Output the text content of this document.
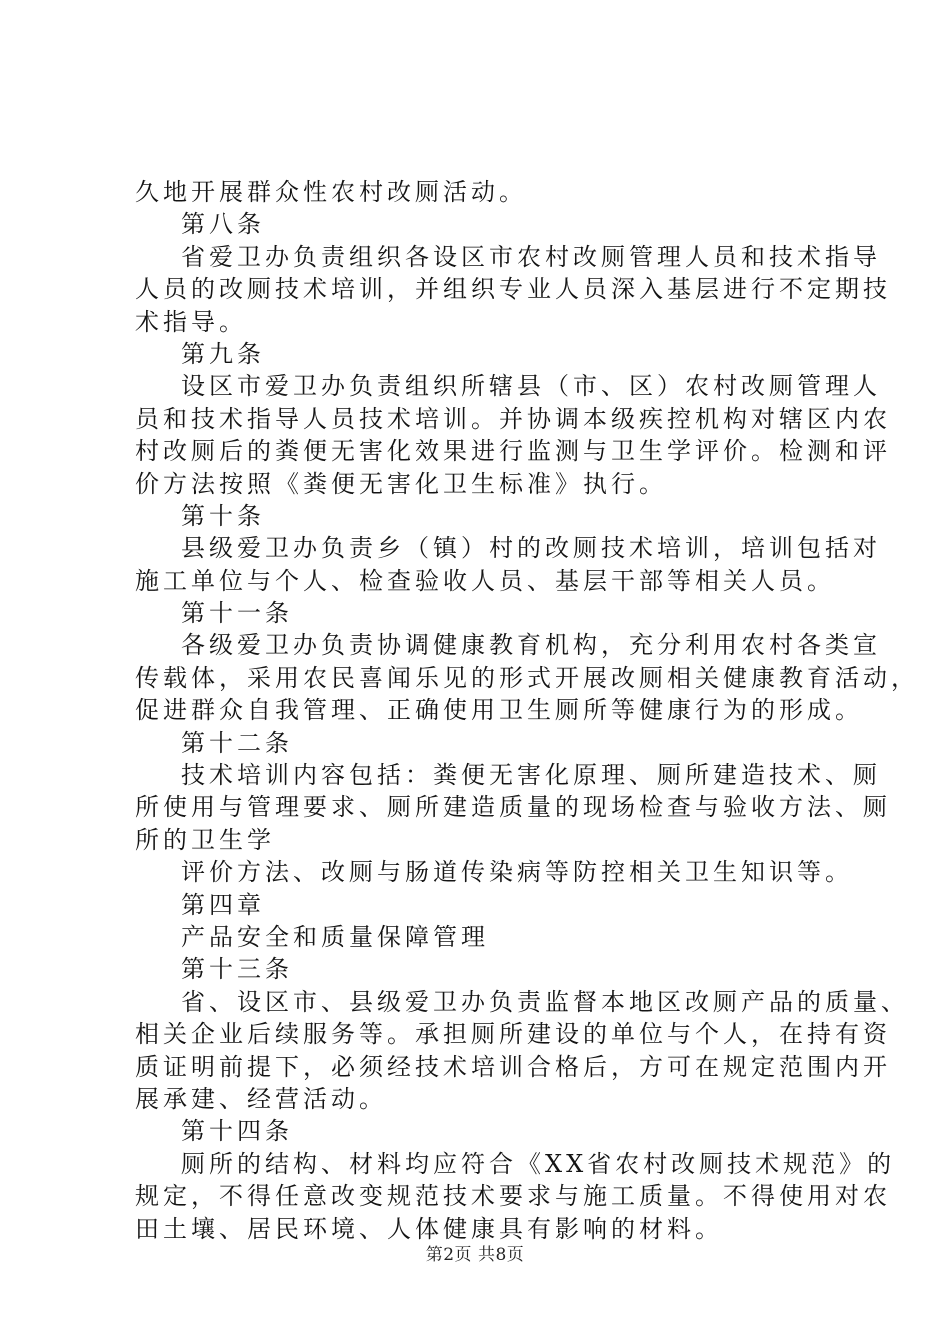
久地开展群众性农村改厕活动。
第八条
省爱卫办负责组织各设区市农村改厕管理人员和技术指导
人员的改厕技术培训，并组织专业人员深入基层进行不定期技
术指导。
第九条
设区市爱卫办负责组织所辖县（市、区）农村改厕管理人
员和技术指导人员技术培训。并协调本级疾控机构对辖区内农
村改厕后的粪便无害化效果进行监测与卫生学评价。检测和评
价方法按照《粪便无害化卫生标准》执行。
第十条
县级爱卫办负责乡（镇）村的改厕技术培训，培训包括对
施工单位与个人、检查验收人员、基层干部等相关人员。
第十一条
各级爱卫办负责协调健康教育机构，充分利用农村各类宣
传载体，采用农民喜闻乐见的形式开展改厕相关健康教育活动，
促进群众自我管理、正确使用卫生厕所等健康行为的形成。
第十二条
技术培训内容包括：粪便无害化原理、厕所建造技术、厕
所使用与管理要求、厕所建造质量的现场检查与验收方法、厕
所的卫生学
评价方法、改厕与肠道传染病等防控相关卫生知识等。
第四章
产品安全和质量保障管理
第十三条
省、设区市、县级爱卫办负责监督本地区改厕产品的质量、
相关企业后续服务等。承担厕所建设的单位与个人，在持有资
质证明前提下，必须经技术培训合格后，方可在规定范围内开
展承建、经营活动。
第十四条
厕所的结构、材料均应符合《XX省农村改厕技术规范》的
规定，不得任意改变规范技术要求与施工质量。不得使用对农
田土壤、居民环境、人体健康具有影响的材料。
第2页 共8页
